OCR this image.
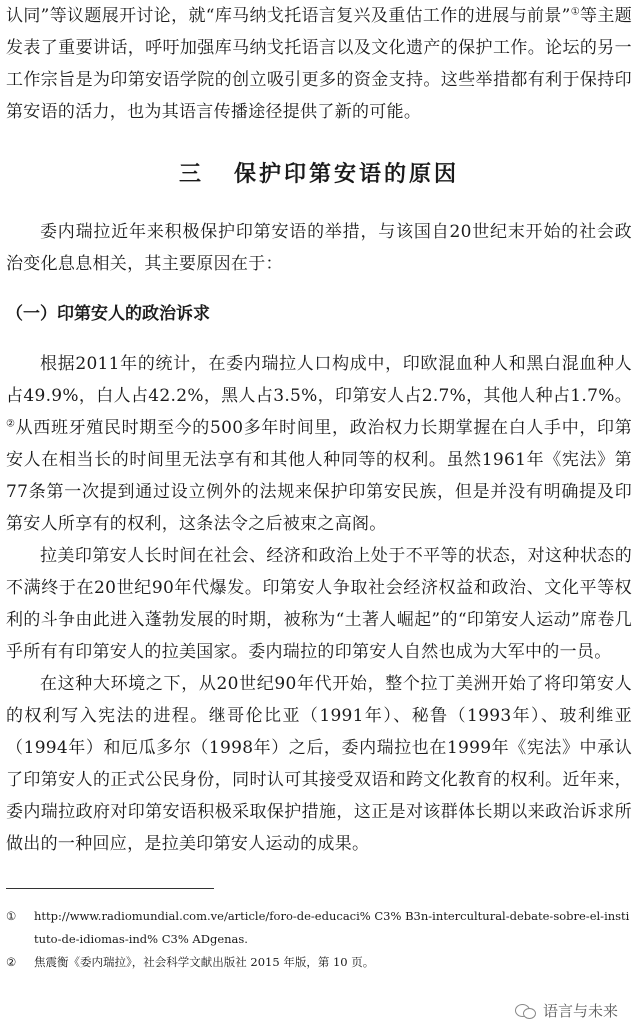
认同”等议题展开讨论，就“库马纳戈托语言复兴及重估工作的进展与前景”①等主题发表了重要讲话，呼吁加强库马纳戈托语言以及文化遗产的保护工作。论坛的另一工作宗旨是为印第安语学院的创立吸引更多的资金支持。这些举措都有利于保持印第安语的活力，也为其语言传播途径提供了新的可能。

三 保护印第安语的原因

委内瑞拉近年来积极保护印第安语的举措，与该国自20世纪末开始的社会政治变化息息相关，其主要原因在于：

（一）印第安人的政治诉求

根据2011年的统计，在委内瑞拉人口构成中，印欧混血种人和黑白混血种人占49.9%，白人占42.2%，黑人占3.5%，印第安人占2.7%，其他人种占1.7%。②从西班牙殖民时期至今的500多年时间里，政治权力长期掌握在白人手中，印第安人在相当长的时间里无法享有和其他人种同等的权利。虽然1961年《宪法》第77条第一次提到通过设立例外的法规来保护印第安民族，但是并没有明确提及印第安人所享有的权利，这条法令之后被束之高阁。

拉美印第安人长时间在社会、经济和政治上处于不平等的状态，对这种状态的不满终于在20世纪90年代爆发。印第安人争取社会经济权益和政治、文化平等权利的斗争由此进入蓬勃发展的时期，被称为“土著人崛起”的“印第安人运动”席卷几乎所有有印第安人的拉美国家。委内瑞拉的印第安人自然也成为大军中的一员。

在这种大环境之下，从20世纪90年代开始，整个拉丁美洲开始了将印第安人的权利写入宪法的进程。继哥伦比亚（1991年）、秘鲁（1993年）、玻利维亚（1994年）和厄瓜多尔（1998年）之后，委内瑞拉也在1999年《宪法》中承认了印第安人的正式公民身份，同时认可其接受双语和跨文化教育的权利。近年来，委内瑞拉政府对印第安语积极采取保护措施，这正是对该群体长期以来政治诉求所做出的一种回应，是拉美印第安人运动的成果。

① http://www.radiomundial.com.ve/article/foro-de-educaci% C3% B3n-intercultural-debate-sobre-el-instituto-de-idiomas-ind% C3% ADgenas.

② 焦震衡《委内瑞拉》，社会科学文献出版社 2015 年版，第 10 页。

语言与未来
